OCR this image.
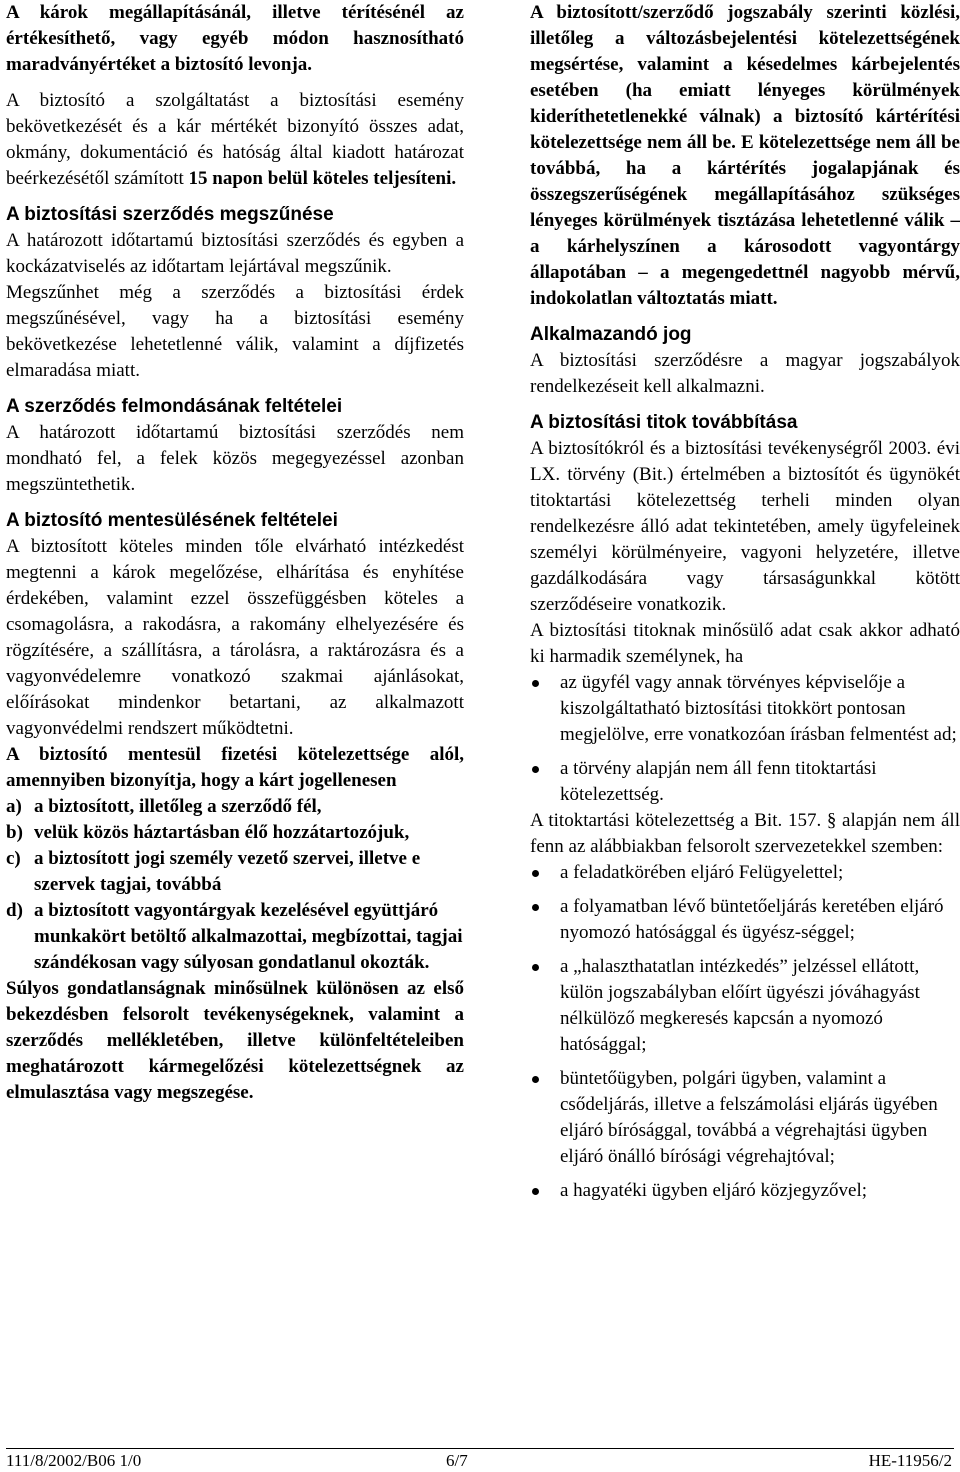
A károk megállapításánál, illetve térítésénél az értékesíthető, vagy egyéb módon hasznosítható maradványértéket a biztosító levonja.

A biztosító a szolgáltatást a biztosítási esemény bekövetkezését és a kár mértékét bizonyító összes adat, okmány, dokumentáció és hatóság által kiadott határozat beérkezésétől számított 15 napon belül köteles teljesíteni.

A biztosítási szerződés megszűnése

A határozott időtartamú biztosítási szerződés és egyben a kockázatviselés az időtartam lejártával megszűnik.

Megszűnhet még a szerződés a biztosítási érdek megszűnésével, vagy ha a biztosítási esemény bekövetkezése lehetetlenné válik, valamint a díjfizetés elmaradása miatt.

A szerződés felmondásának feltételei

A határozott időtartamú biztosítási szerződés nem mondható fel, a felek közös megegyezéssel azonban megszüntethetik.

A biztosító mentesülésének feltételei

A biztosított köteles minden tőle elvárható intézkedést megtenni a károk megelőzése, elhárítása és enyhítése érdekében, valamint ezzel összefüggésben köteles a csomagolásra, a rakodásra, a rakomány elhelyezésére és rögzítésére, a szállításra, a tárolásra, a raktározásra és a vagyonvédelemre vonatkozó szakmai ajánlásokat, előírásokat mindenkor betartani, az alkalmazott vagyonvédelmi rendszert működtetni.

A biztosító mentesül fizetési kötelezettsége alól, amennyiben bizonyítja, hogy a kárt jogellenesen

a) a biztosított, illetőleg a szerződő fél,
b) velük közös háztartásban élő hozzátartozójuk,
c) a biztosított jogi személy vezető szervei, illetve e szervek tagjai, továbbá
d) a biztosított vagyontárgyak kezelésével együttjáró munkakört betöltő alkalmazottai, megbízottai, tagjai szándékosan vagy súlyosan gondatlanul okozták.

Súlyos gondatlanságnak minősülnek különösen az első bekezdésben felsorolt tevékenységeknek, valamint a szerződés mellékletében, illetve különfeltételeiben meghatározott kármegelőzési kötelezettségnek az elmulasztása vagy megszegése.

A biztosított/szerződő jogszabály szerinti közlési, illetőleg a változásbejelentési kötelezettségének megsértése, valamint a késedelmes kárbejelentés esetében (ha emiatt lényeges körülmények kideríthetetlenekké válnak) a biztosító kártérítési kötelezettsége nem áll be. E kötelezettsége nem áll be továbbá, ha a kártérítés jogalapjának és összegszerűségének megállapításához szükséges lényeges körülmények tisztázása lehetetlenné válik – a kárhelyszínen a károsodott vagyontárgy állapotában – a megengedettnél nagyobb mérvű, indokolatlan változtatás miatt.

Alkalmazandó jog

A biztosítási szerződésre a magyar jogszabályok rendelkezéseit kell alkalmazni.

A biztosítási titok továbbítása

A biztosítókról és a biztosítási tevékenységről 2003. évi LX. törvény (Bit.) értelmében a biztosítót és ügynökét titoktartási kötelezettség terheli minden olyan rendelkezésre álló adat tekintetében, amely ügyfeleinek személyi körülményeire, vagyoni helyzetére, illetve gazdálkodására vagy társaságunkkal kötött szerződéseire vonatkozik.

A biztosítási titoknak minősülő adat csak akkor adható ki harmadik személynek, ha

az ügyfél vagy annak törvényes képviselője a kiszolgáltatható biztosítási titokkört pontosan megjelölve, erre vonatkozóan írásban felmentést ad;
a törvény alapján nem áll fenn titoktartási kötelezettség.

A titoktartási kötelezettség a Bit. 157. § alapján nem áll fenn az alábbiakban felsorolt szervezetekkel szemben:

a feladatkörében eljáró Felügyelettel;
a folyamatban lévő büntetőeljárás keretében eljáró nyomozó hatósággal és ügyész-séggel;
a „halaszthatatlan intézkedés” jelzéssel ellátott, külön jogszabályban előírt ügyészi jóváhagyást nélkülöző megkeresés kapcsán a nyomozó hatósággal;
büntetőügyben, polgári ügyben, valamint a csődeljárás, illetve a felszámolási eljárás ügyében eljáró bírósággal, továbbá a végrehajtási ügyben eljáró önálló bírósági végrehajtóval;
a hagyatéki ügyben eljáró közjegyzővel;
111/8/2002/B06 1/0	6/7	HE-11956/2
